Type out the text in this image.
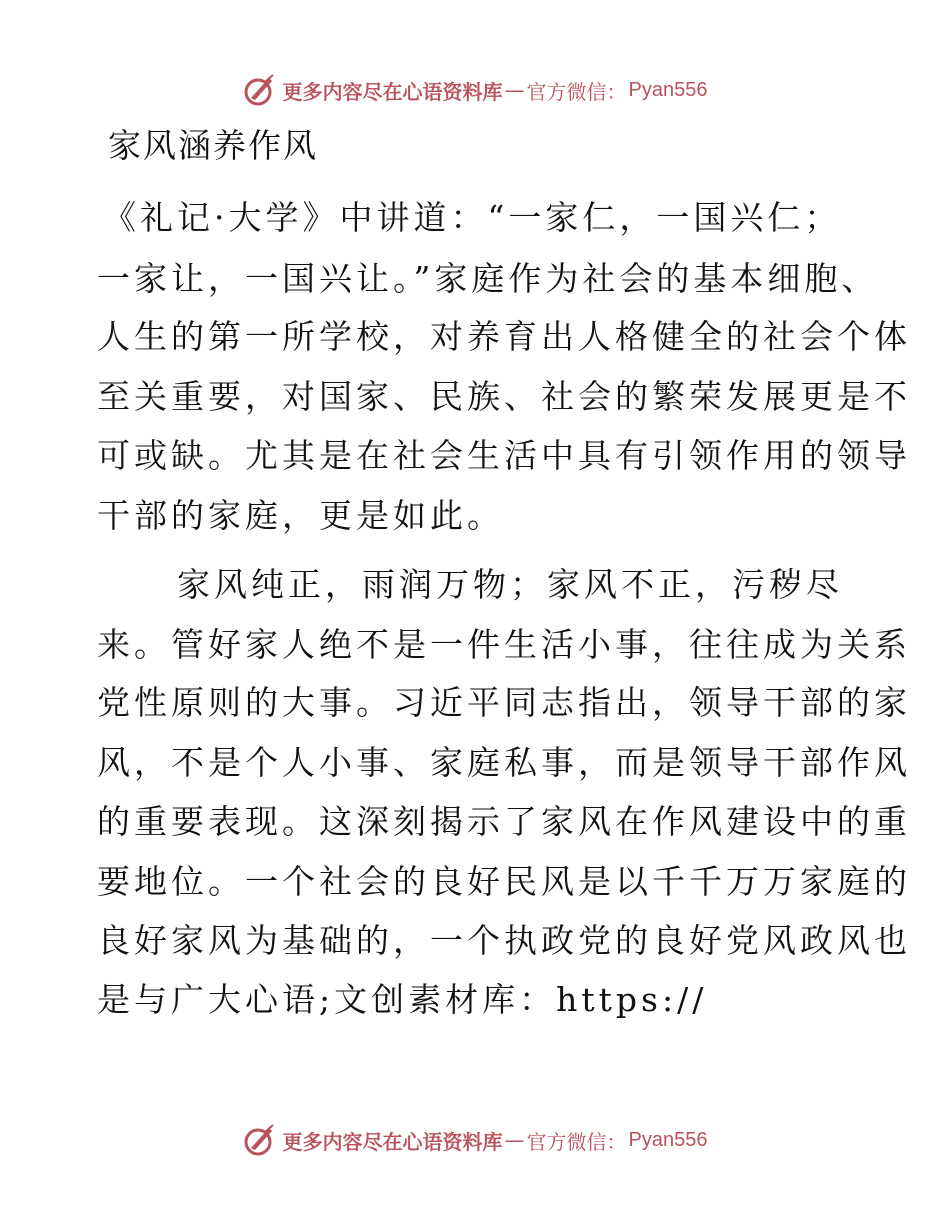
更多内容尽在心语资料库 — 官方微信： Pyan556
家风涵养作风
《礼记·大学》中讲道：“一家仁，一国兴仁；
一家让，一国兴让。”家庭作为社会的基本细胞、
人生的第一所学校，对养育出人格健全的社会个体
至关重要，对国家、民族、社会的繁荣发展更是不
可或缺。尤其是在社会生活中具有引领作用的领导
干部的家庭，更是如此。
家风纯正，雨润万物；家风不正，污秽尽
来。管好家人绝不是一件生活小事，往往成为关系
党性原则的大事。习近平同志指出，领导干部的家
风，不是个人小事、家庭私事，而是领导干部作风
的重要表现。这深刻揭示了家风在作风建设中的重
要地位。一个社会的良好民风是以千千万万家庭的
良好家风为基础的，一个执政党的良好党风政风也
是与广大心语;文创素材库：https://
更多内容尽在心语资料库 — 官方微信： Pyan556
